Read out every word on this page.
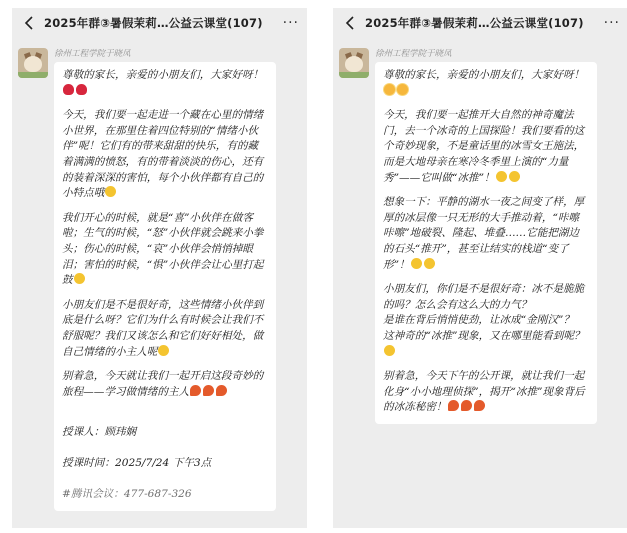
2025年群③暑假茉莉…公益云课堂(107)	···
徐州工程学院于晓凤

尊敬的家长，亲爱的小朋友们，大家好呀！

今天，我们要一起走进一个藏在心里的情绪小世界，在那里住着四位特别的“情绪小伙伴”呢！它们有的带来甜甜的快乐，有的藏着满满的愤怒，有的带着淡淡的伤心，还有的装着深深的害怕，每个小伙伴都有自己的小特点哦

我们开心的时候，就是“喜”小伙伴在做客啦；生气的时候，“怒”小伙伴就会跳来小拳头；伤心的时候，“哀”小伙伴会悄悄掉眼泪；害怕的时候，“惧”小伙伴会让心里打起鼓

小朋友们是不是很好奇，这些情绪小伙伴到底是什么呀？它们为什么有时候会让我们不舒服呢？我们又该怎么和它们好好相处，做自己情绪的小主人呢

别着急，今天就让我们一起开启这段奇妙的旅程——学习做情绪的主人

授课人：顾玮娴

授课时间：2025/7/24 下午3点

#腾讯会议：477-687-326

2025年群③暑假茉莉…公益云课堂(107)	···
徐州工程学院于晓凤

尊敬的家长，亲爱的小朋友们，大家好呀！

今天，我们要一起推开大自然的神奇魔法门，去一个冰奇的上国探险！我们要看的这个奇妙现象，不是童话里的冰雪女王施法，而是大地母亲在寒冷冬季里上演的“力量秀”——它叫做“冰推”！

想象一下：平静的湖水一夜之间变了样，厚厚的冰层像一只无形的大手推动着，“咔嚓咔嚓”地破裂、隆起、堆叠……它能把湖边的石头“推开”，甚至让结实的栈道“变了形”！

小朋友们，你们是不是很好奇：冰不是脆脆的吗？怎么会有这么大的力气？
是谁在背后悄悄使劲，让冰成“金刚汉”？
这神奇的“冰推”现象，又在哪里能看到呢？

别着急，今天下午的公开课，就让我们一起化身“小小地理侦探”，揭开“冰推”现象背后的冰冻秘密！
